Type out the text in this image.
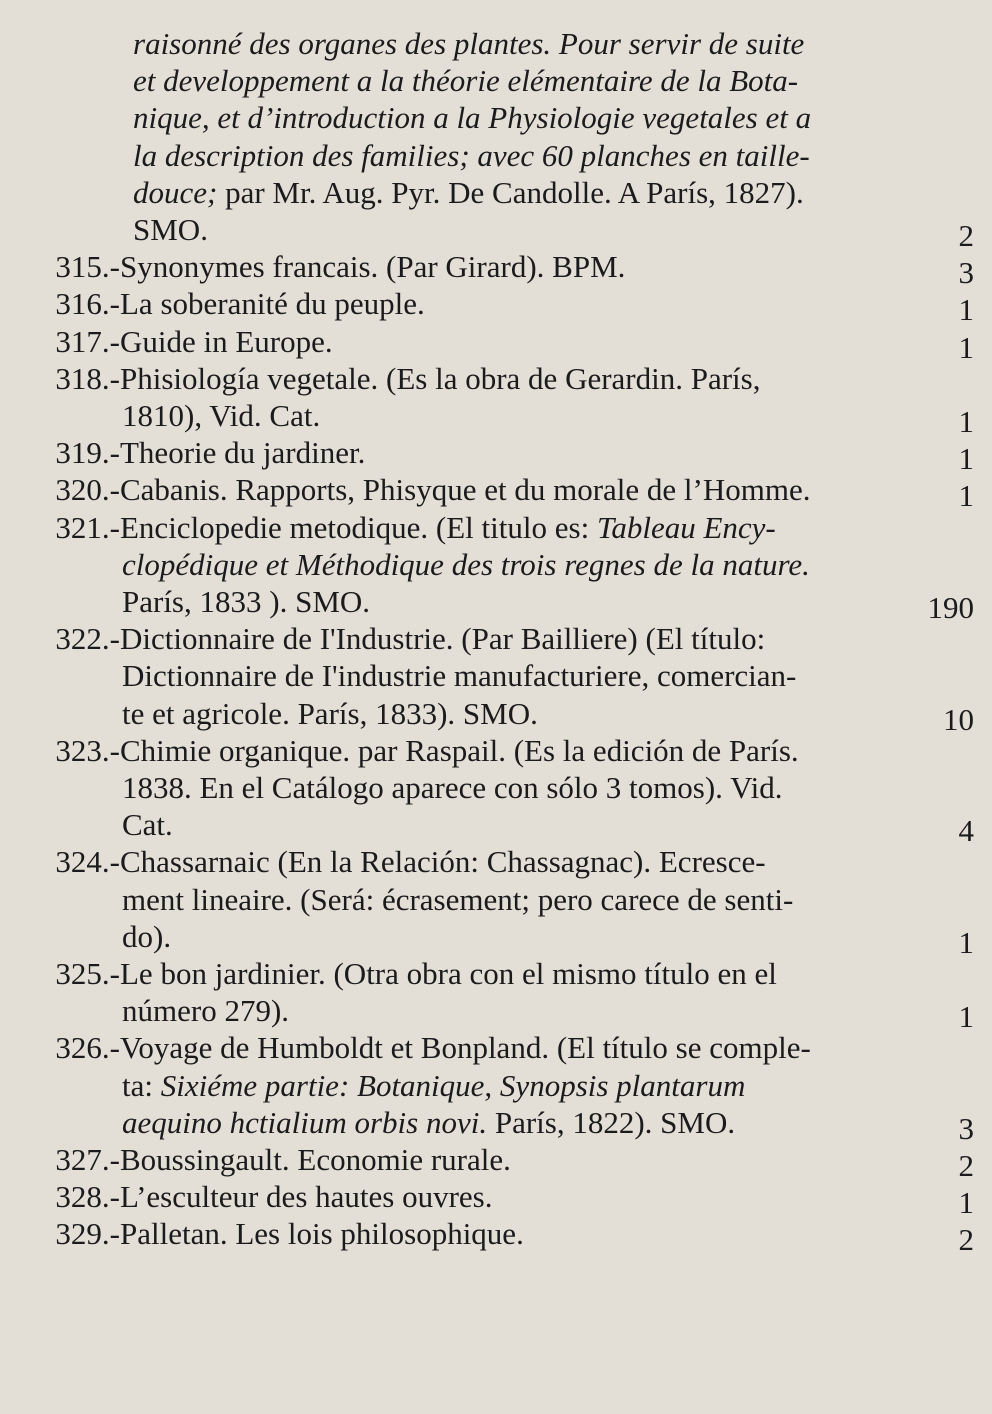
raisonné des organes des plantes. Pour servir de suite
et developpement a la théorie elémentaire de la Bota-
nique, et d’introduction a la Physiologie vegetales et a
la description des families; avec 60 planches en taille-
douce; par Mr. Aug. Pyr. De Candolle. A París, 1827).
SMO.	2
315.- Synonymes francais. (Par Girard). BPM.	3
316.- La soberanité du peuple.	1
317.- Guide in Europe.	1
318.- Phisiología vegetale. (Es la obra de Gerardin. París,
1810), Vid. Cat.	1
319.- Theorie du jardiner.	1
320.- Cabanis. Rapports, Phisyque et du morale de l’Homme.	1
321.- Enciclopedie metodique. (El titulo es: Tableau Ency-
clopédique et Méthodique des trois regnes de la nature.
París, 1833 ). SMO.	190
322.- Dictionnaire de I'Industrie. (Par Bailliere) (El título:
Dictionnaire de I'industrie manufacturiere, comercian-
te et agricole. París, 1833). SMO.	10
323.- Chimie organique. par Raspail. (Es la edición de París.
1838. En el Catálogo aparece con sólo 3 tomos). Vid.
Cat.	4
324.- Chassarnaic (En la Relación: Chassagnac). Ecresce-
ment lineaire. (Será: écrasement; pero carece de senti-
do).	1
325.- Le bon jardinier. (Otra obra con el mismo título en el
número 279).	1
326.- Voyage de Humboldt et Bonpland. (El título se comple-
ta: Sixiéme partie: Botanique, Synopsis plantarum
aequino hctialium orbis novi. París, 1822). SMO.	3
327.- Boussingault. Economie rurale.	2
328.- L’esculteur des hautes ouvres.	1
329.- Palletan. Les lois philosophique.	2
